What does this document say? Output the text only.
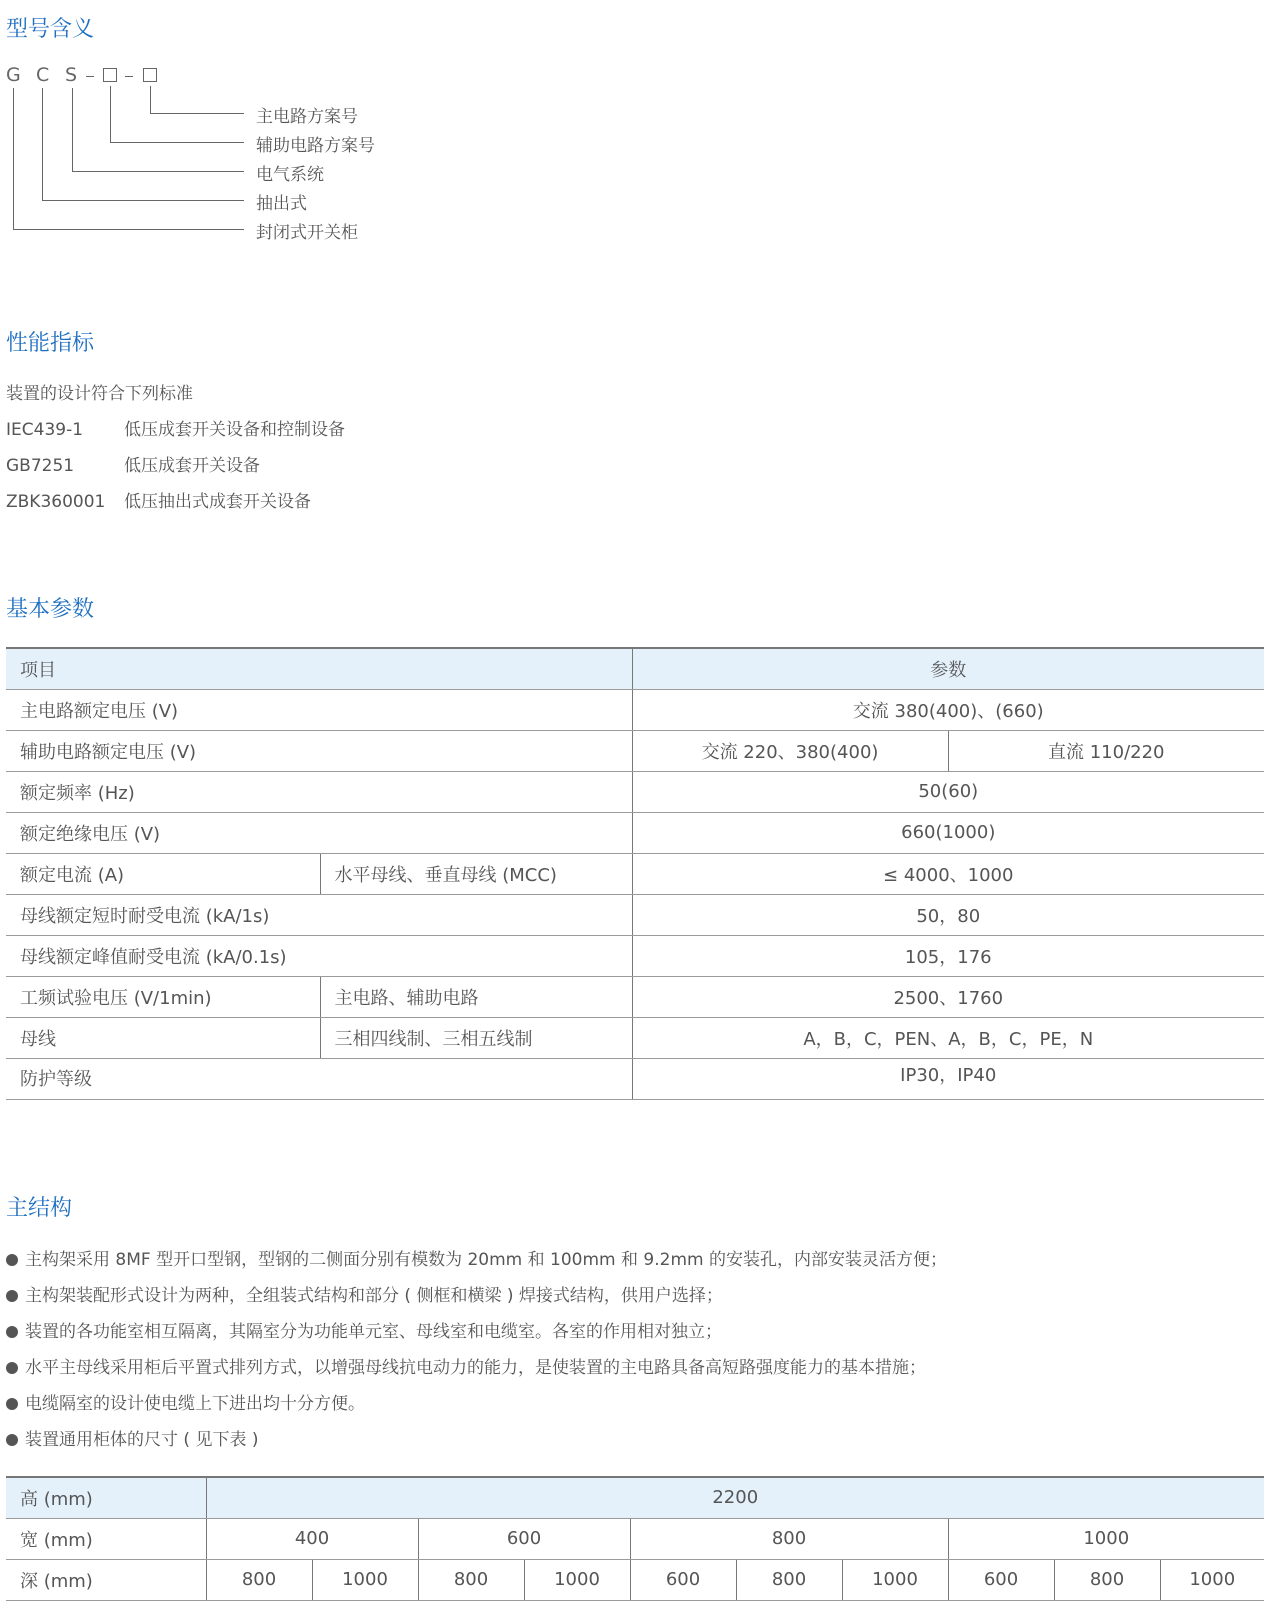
型号含义
G C S
主电路方案号
辅助电路方案号
电气系统
抽出式
封闭式开关柜
性能指标
装置的设计符合下列标准
IEC439-1 低压成套开关设备和控制设备
GB7251	低压成套开关设备
ZBK360001 低压抽出式成套开关设备
基本参数
项目		参数	
主电路额定电压 (V)		交流 380(400)、(660)	
辅助电路额定电压 (V)		交流 220、380(400)	直流 110/220
额定频率 (Hz)		50(60)	
额定绝缘电压 (V)		660(1000)	
额定电流 (A)	水平母线、垂直母线 (MCC)	≤ 4000、1000	
母线额定短时耐受电流 (kA/1s)		50，80	
母线额定峰值耐受电流 (kA/0.1s)		105，176	
工频试验电压 (V/1min)	主电路、辅助电路	2500、1760	
母线	三相四线制、三相五线制	A，B，C，PEN、A，B，C，PE，N	
防护等级		IP30，IP40	
主结构
主构架采用 8MF 型开口型钢，型钢的二侧面分别有模数为 20mm 和 100mm 和 9.2mm 的安装孔，内部安装灵活方便；
主构架装配形式设计为两种，全组装式结构和部分 ( 侧框和横梁 ) 焊接式结构，供用户选择；
装置的各功能室相互隔离，其隔室分为功能单元室、母线室和电缆室。各室的作用相对独立；
水平主母线采用柜后平置式排列方式，以增强母线抗电动力的能力，是使装置的主电路具备高短路强度能力的基本措施；
电缆隔室的设计使电缆上下进出均十分方便。
装置通用柜体的尺寸 ( 见下表 )
高 (mm)	2200									
宽 (mm)	400		600		800			1000		
深 (mm)	800	1000	800	1000	600	800	1000	600	800	1000
